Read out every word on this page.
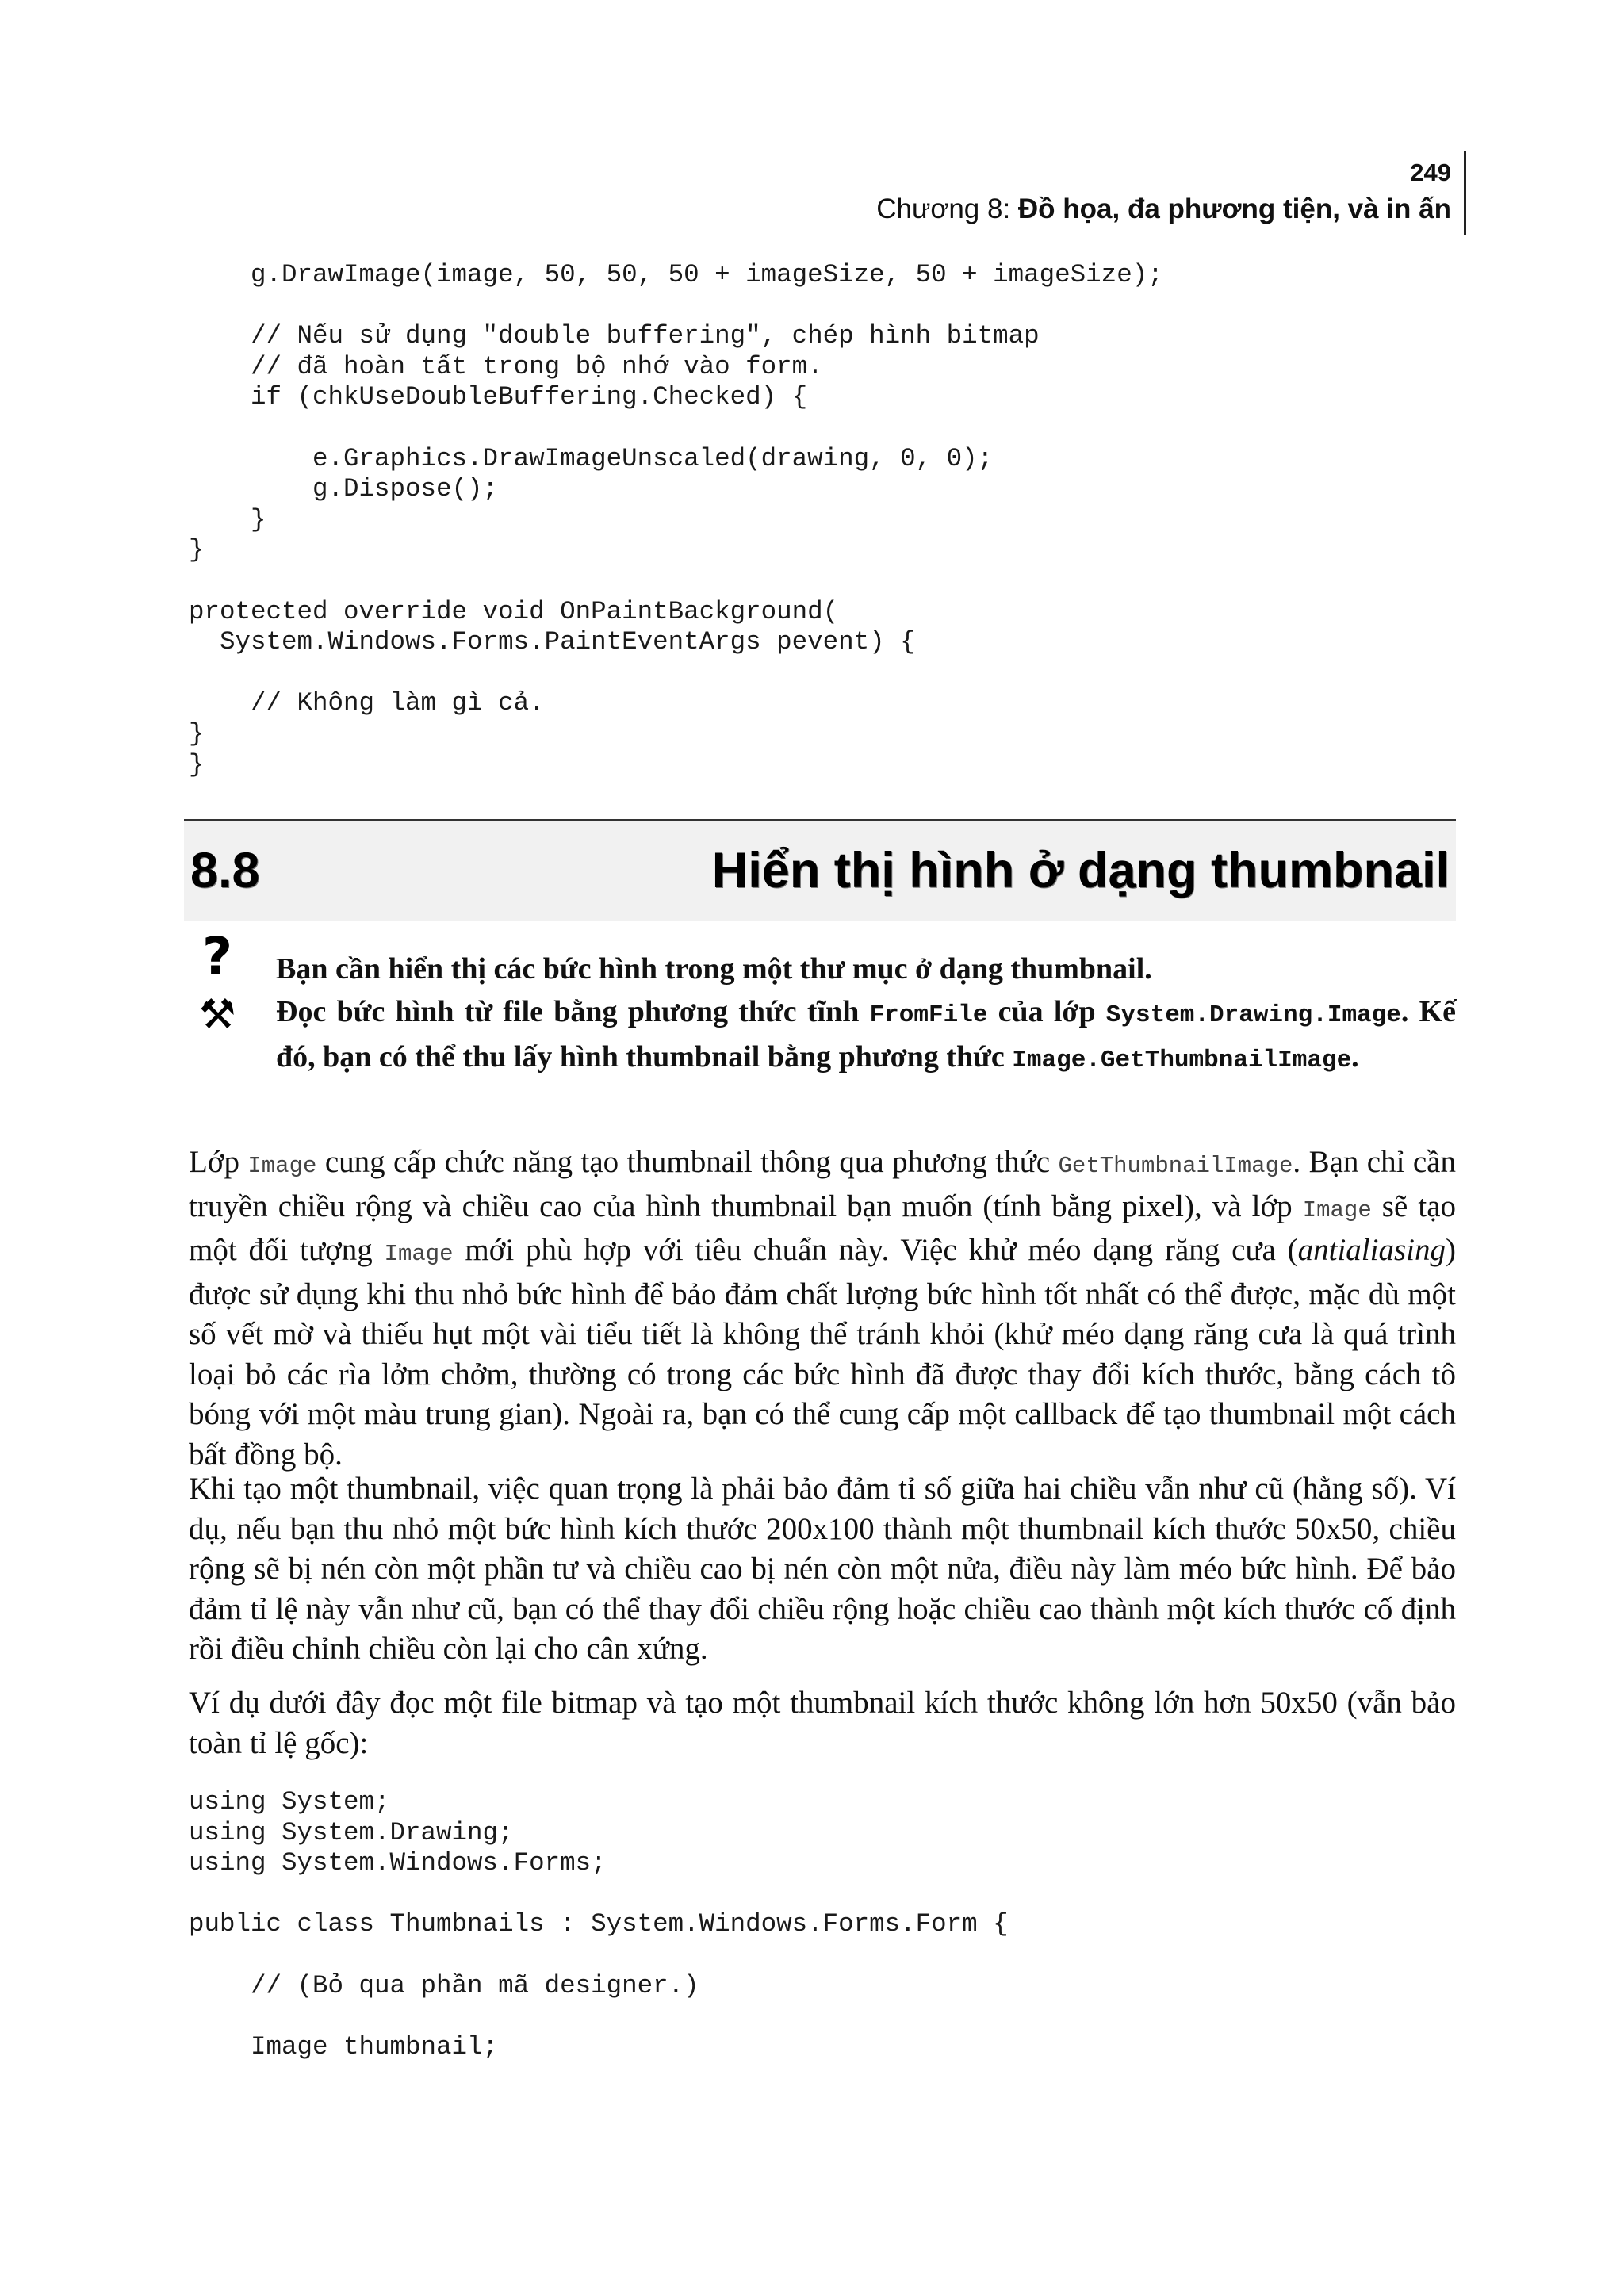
249
Chương 8: Đồ họa, đa phương tiện, và in ấn
g.DrawImage(image, 50, 50, 50 + imageSize, 50 + imageSize);

// Nếu sử dụng "double buffering", chép hình bitmap
// đã hoàn tất trong bộ nhớ vào form.
if (chkUseDoubleBuffering.Checked) {

e.Graphics.DrawImageUnscaled(drawing, 0, 0);
g.Dispose();
}
}

protected override void OnPaintBackground(
System.Windows.Forms.PaintEventArgs pevent) {

// Không làm gì cả.
}
}
8.8	Hiển thị hình ở dạng thumbnail
? Bạn cần hiển thị các bức hình trong một thư mục ở dạng thumbnail.
⚒ Đọc bức hình từ file bằng phương thức tĩnh FromFile của lớp System.Drawing.Image. Kế đó, bạn có thể thu lấy hình thumbnail bằng phương thức Image.GetThumbnailImage.

Lớp Image cung cấp chức năng tạo thumbnail thông qua phương thức GetThumbnailImage. Bạn chỉ cần truyền chiều rộng và chiều cao của hình thumbnail bạn muốn (tính bằng pixel), và lớp Image sẽ tạo một đối tượng Image mới phù hợp với tiêu chuẩn này. Việc khử méo dạng răng cưa (antialiasing) được sử dụng khi thu nhỏ bức hình để bảo đảm chất lượng bức hình tốt nhất có thể được, mặc dù một số vết mờ và thiếu hụt một vài tiểu tiết là không thể tránh khỏi (khử méo dạng răng cưa là quá trình loại bỏ các rìa lởm chởm, thường có trong các bức hình đã được thay đổi kích thước, bằng cách tô bóng với một màu trung gian). Ngoài ra, bạn có thể cung cấp một callback để tạo thumbnail một cách bất đồng bộ.

Khi tạo một thumbnail, việc quan trọng là phải bảo đảm tỉ số giữa hai chiều vẫn như cũ (hằng số). Ví dụ, nếu bạn thu nhỏ một bức hình kích thước 200x100 thành một thumbnail kích thước 50x50, chiều rộng sẽ bị nén còn một phần tư và chiều cao bị nén còn một nửa, điều này làm méo bức hình. Để bảo đảm tỉ lệ này vẫn như cũ, bạn có thể thay đổi chiều rộng hoặc chiều cao thành một kích thước cố định rồi điều chỉnh chiều còn lại cho cân xứng.

Ví dụ dưới đây đọc một file bitmap và tạo một thumbnail kích thước không lớn hơn 50x50 (vẫn bảo toàn tỉ lệ gốc):

using System;
using System.Drawing;
using System.Windows.Forms;

public class Thumbnails : System.Windows.Forms.Form {

// (Bỏ qua phần mã designer.)

Image thumbnail;
